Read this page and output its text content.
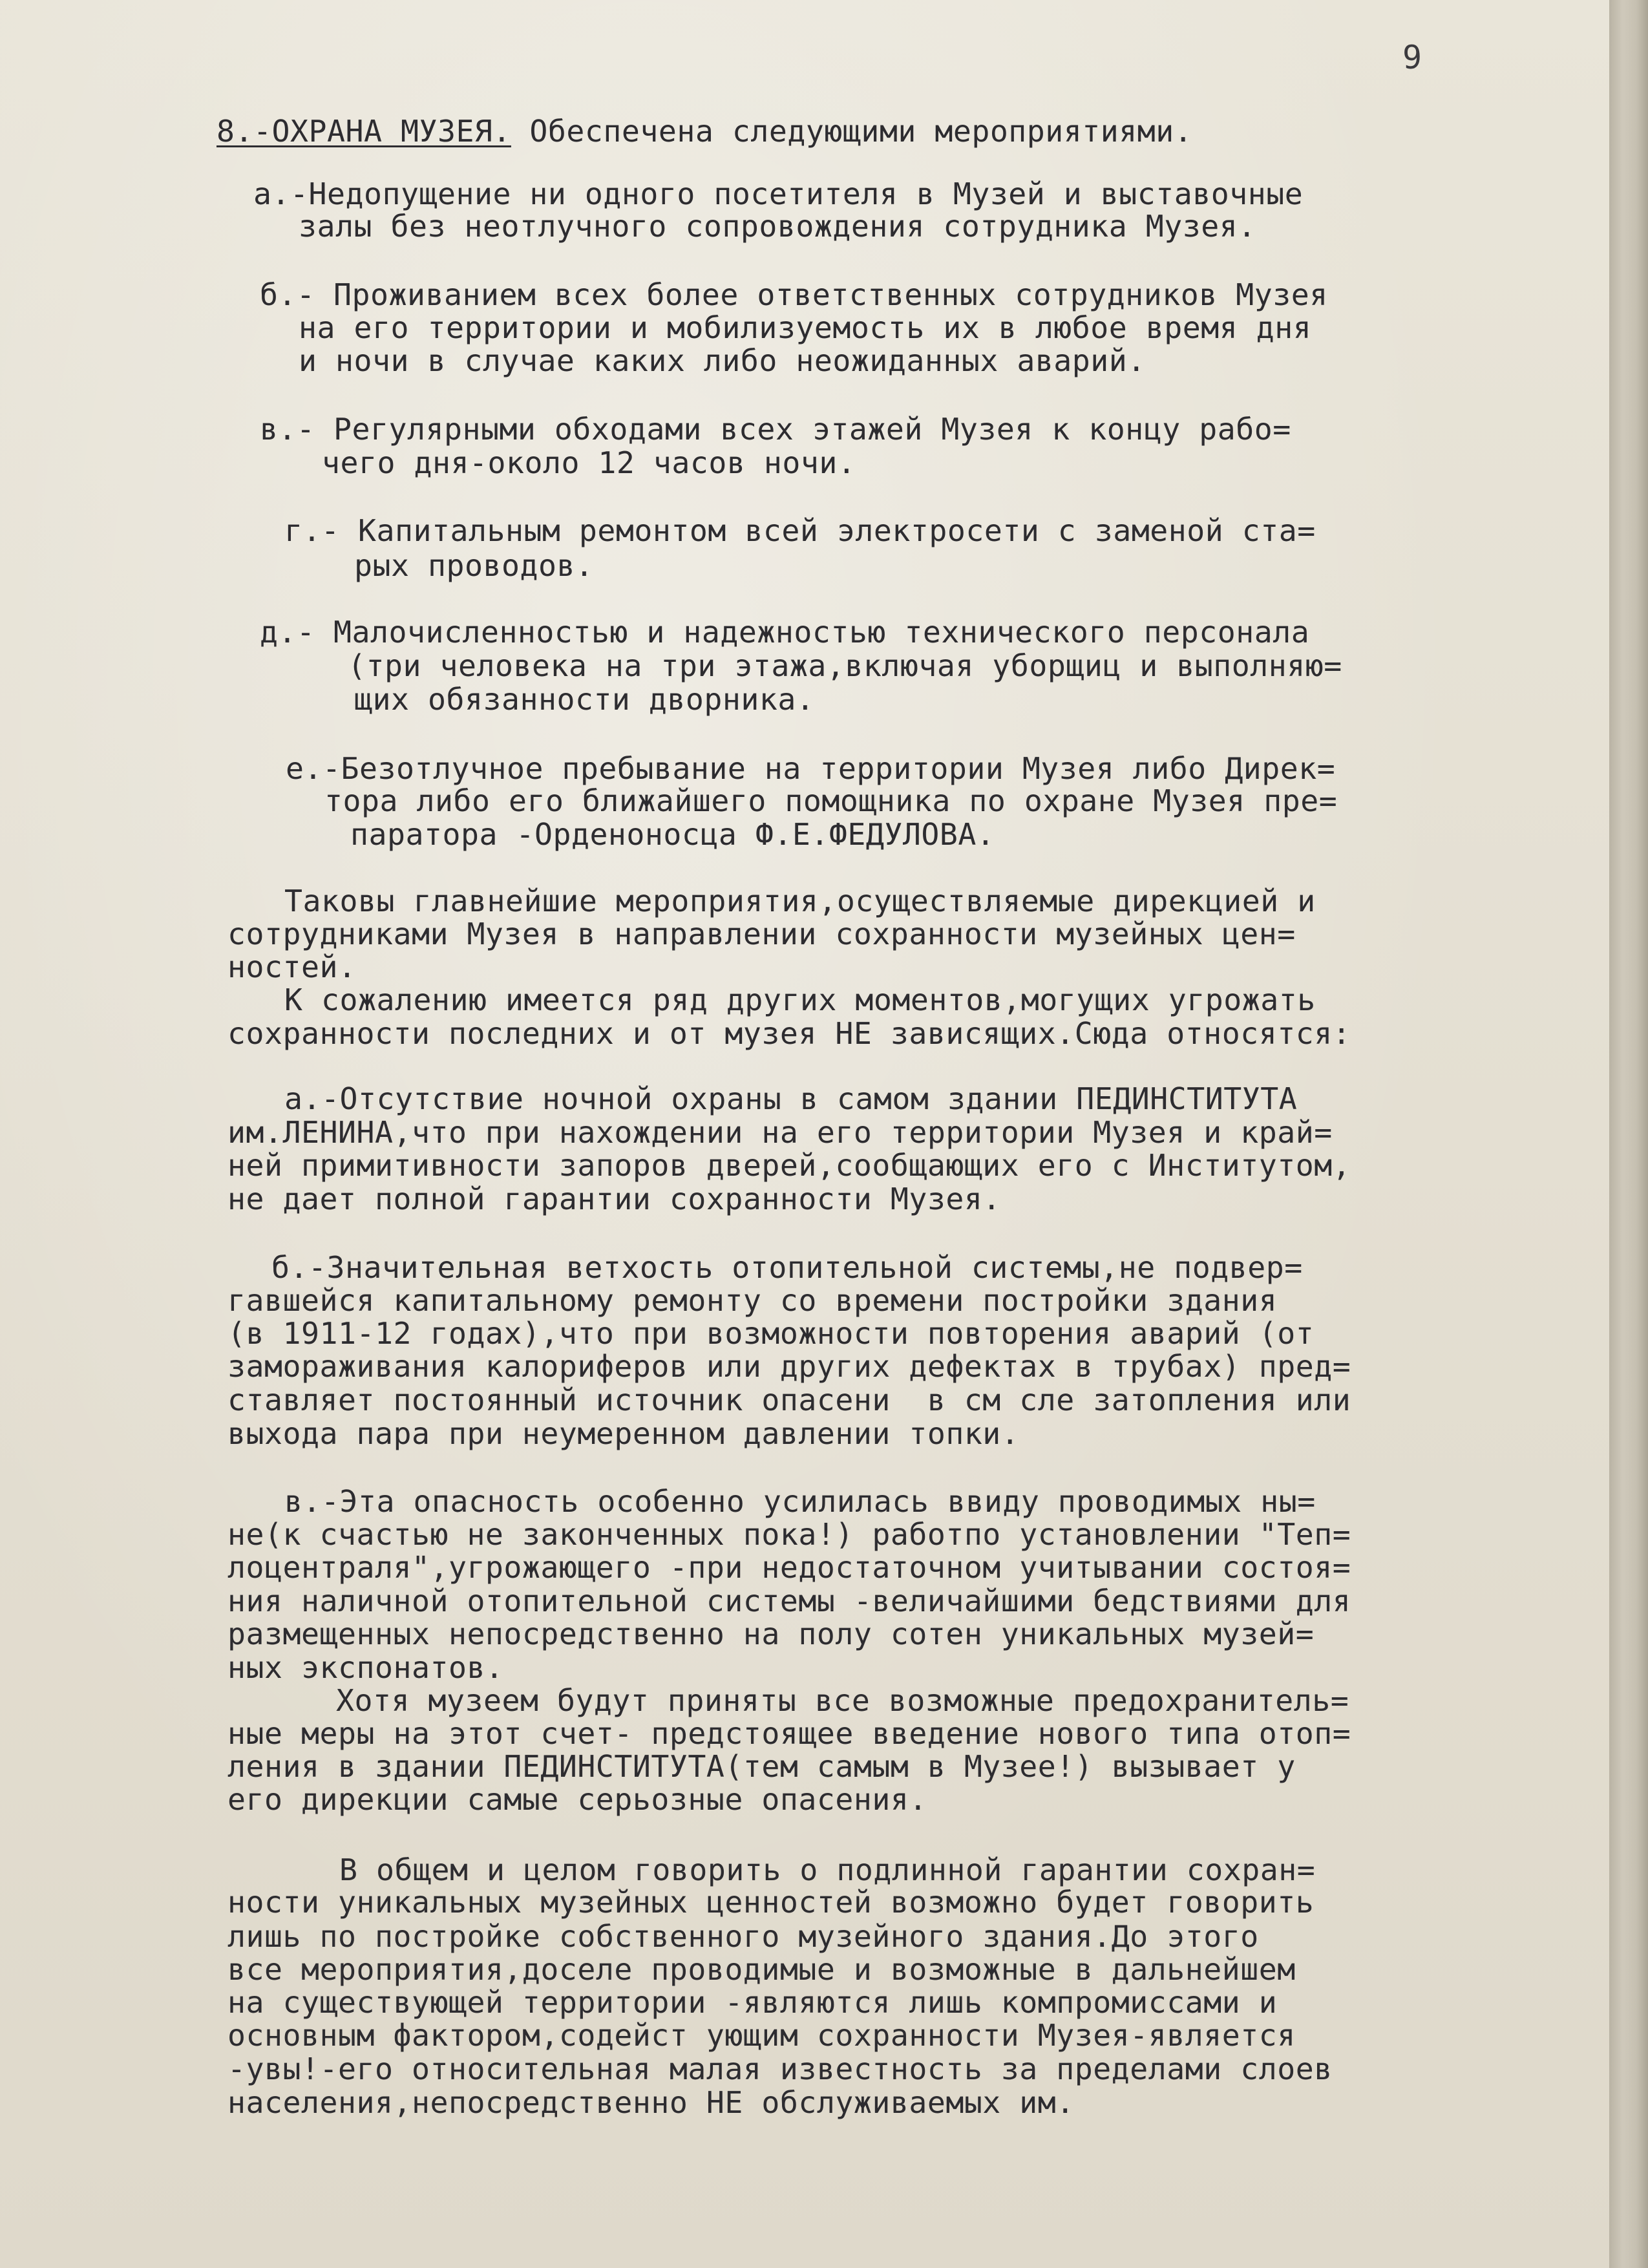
9
8.-ОХРАНА МУЗЕЯ. Обеспечена следующими мероприятиями.
а.-Недопущение ни одного посетителя в Музей и выставочные
залы без неотлучного сопровождения сотрудника Музея.
б.- Проживанием всех более ответственных сотрудников Музея
на его территории и мобилизуемость их в любое время дня
и ночи в случае каких либо неожиданных аварий.
в.- Регулярными обходами всех этажей Музея к концу рабо=
чего дня-около 12 часов ночи.
г.- Капитальным ремонтом всей электросети с заменой ста=
рых проводов.
д.- Малочисленностью и надежностью технического персонала
(три человека на три этажа,включая уборщиц и выполняю=
щих обязанности дворника.
е.-Безотлучное пребывание на территории Музея либо Дирек=
тора либо его ближайшего помощника по охране Музея пре=
паратора -Орденоносца Ф.Е.ФЕДУЛОВА.
Таковы главнейшие мероприятия,осуществляемые дирекцией и
сотрудниками Музея в направлении сохранности музейных цен=
ностей.
К сожалению имеется ряд других моментов,могущих угрожать
сохранности последних и от музея НЕ зависящих.Сюда относятся:
а.-Отсутствие ночной охраны в самом здании ПЕДИНСТИТУТА
им.ЛЕНИНА,что при нахождении на его территории Музея и край=
ней примитивности запоров дверей,сообщающих его с Институтом,
не дает полной гарантии сохранности Музея.
б.-Значительная ветхость отопительной системы,не подвер=
гавшейся капитальному ремонту со времени постройки здания
(в 1911-12 годах),что при возможности повторения аварий (от
замораживания калориферов или других дефектах в трубах) пред=
ставляет постоянный источник опасени  в см сле затопления или
выхода пара при неумеренном давлении топки.
в.-Эта опасность особенно усилилась ввиду проводимых ны=
не(к счастью не законченных пока!) работпо установлении "Теп=
лоцентраля",угрожающего -при недостаточном учитывании состоя=
ния наличной отопительной системы -величайшими бедствиями для
размещенных непосредственно на полу сотен уникальных музей=
ных экспонатов.
Хотя музеем будут приняты все возможные предохранитель=
ные меры на этот счет- предстоящее введение нового типа отоп=
ления в здании ПЕДИНСТИТУТА(тем самым в Музее!) вызывает у
его дирекции самые серьозные опасения.
В общем и целом говорить о подлинной гарантии сохран=
ности уникальных музейных ценностей возможно будет говорить
лишь по постройке собственного музейного здания.До этого
все мероприятия,доселе проводимые и возможные в дальнейшем
на существующей территории -являются лишь компромиссами и
основным фактором,содейст ующим сохранности Музея-является
-увы!-его относительная малая известность за пределами слоев
населения,непосредственно НЕ обслуживаемых им.
